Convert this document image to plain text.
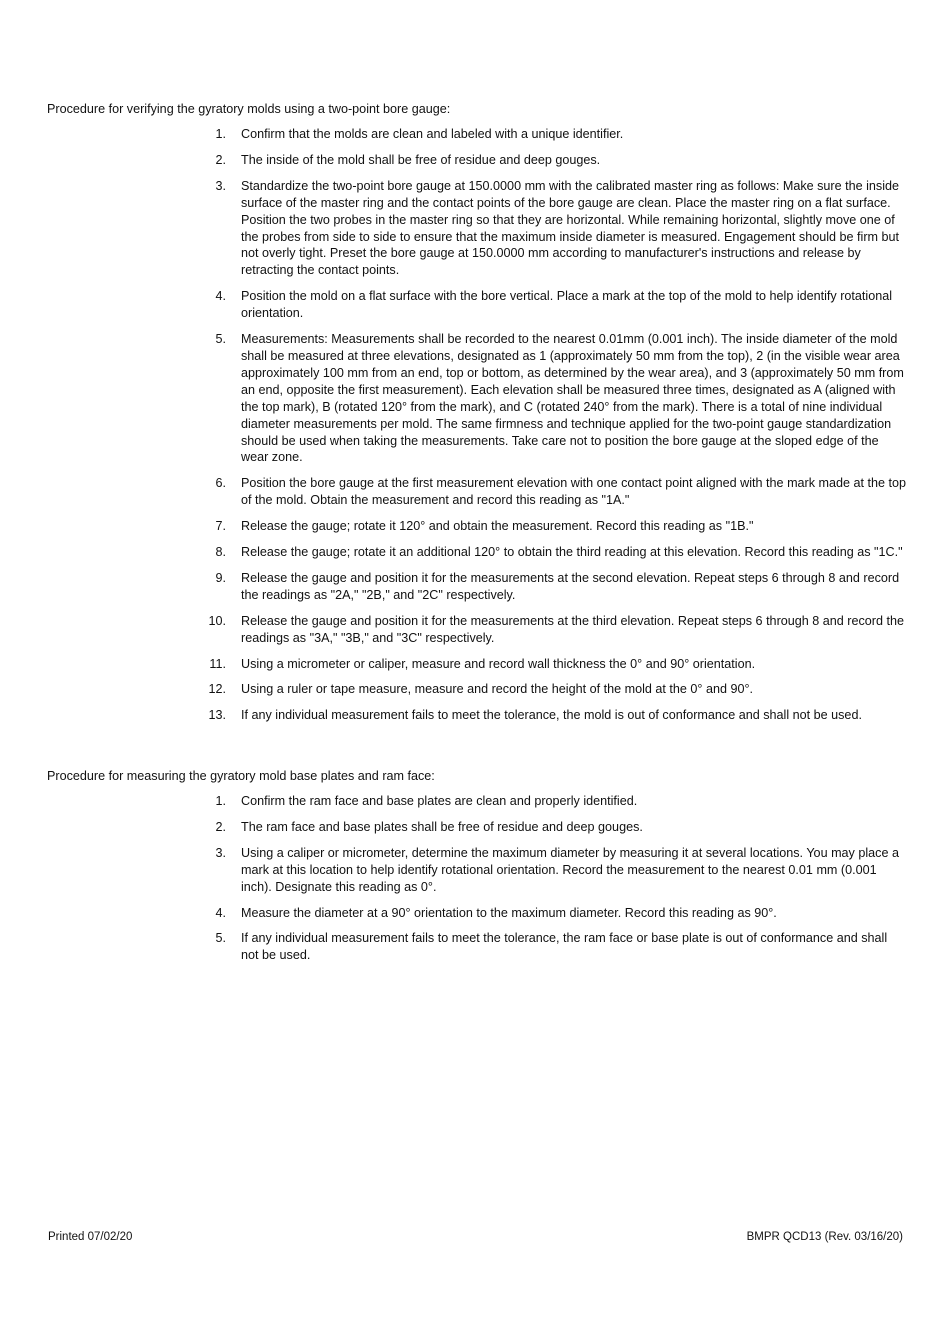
Procedure for verifying the gyratory molds using a two-point bore gauge:

1. Confirm that the molds are clean and labeled with a unique identifier.
2. The inside of the mold shall be free of residue and deep gouges.
3. Standardize the two-point bore gauge at 150.0000 mm with the calibrated master ring as follows: Make sure the inside surface of the master ring and the contact points of the bore gauge are clean. Place the master ring on a flat surface. Position the two probes in the master ring so that they are horizontal. While remaining horizontal, slightly move one of the probes from side to side to ensure that the maximum inside diameter is measured. Engagement should be firm but not overly tight. Preset the bore gauge at 150.0000 mm according to manufacturer's instructions and release by retracting the contact points.
4. Position the mold on a flat surface with the bore vertical. Place a mark at the top of the mold to help identify rotational orientation.
5. Measurements: Measurements shall be recorded to the nearest 0.01mm (0.001 inch). The inside diameter of the mold shall be measured at three elevations, designated as 1 (approximately 50 mm from the top), 2 (in the visible wear area approximately 100 mm from an end, top or bottom, as determined by the wear area), and 3 (approximately 50 mm from an end, opposite the first measurement). Each elevation shall be measured three times, designated as A (aligned with the top mark), B (rotated 120° from the mark), and C (rotated 240° from the mark). There is a total of nine individual diameter measurements per mold. The same firmness and technique applied for the two-point gauge standardization should be used when taking the measurements. Take care not to position the bore gauge at the sloped edge of the wear zone.
6. Position the bore gauge at the first measurement elevation with one contact point aligned with the mark made at the top of the mold. Obtain the measurement and record this reading as "1A."
7. Release the gauge; rotate it 120° and obtain the measurement. Record this reading as "1B."
8. Release the gauge; rotate it an additional 120° to obtain the third reading at this elevation. Record this reading as "1C."
9. Release the gauge and position it for the measurements at the second elevation. Repeat steps 6 through 8 and record the readings as "2A," "2B," and "2C" respectively.
10. Release the gauge and position it for the measurements at the third elevation. Repeat steps 6 through 8 and record the readings as "3A," "3B," and "3C" respectively.
11. Using a micrometer or caliper, measure and record wall thickness the 0° and 90° orientation.
12. Using a ruler or tape measure, measure and record the height of the mold at the 0° and 90°.
13. If any individual measurement fails to meet the tolerance, the mold is out of conformance and shall not be used.

Procedure for measuring the gyratory mold base plates and ram face:

1. Confirm the ram face and base plates are clean and properly identified.
2. The ram face and base plates shall be free of residue and deep gouges.
3. Using a caliper or micrometer, determine the maximum diameter by measuring it at several locations. You may place a mark at this location to help identify rotational orientation. Record the measurement to the nearest 0.01 mm (0.001 inch). Designate this reading as 0°.
4. Measure the diameter at a 90° orientation to the maximum diameter. Record this reading as 90°.
5. If any individual measurement fails to meet the tolerance, the ram face or base plate is out of conformance and shall not be used.
Printed 07/02/20	BMPR QCD13 (Rev. 03/16/20)
